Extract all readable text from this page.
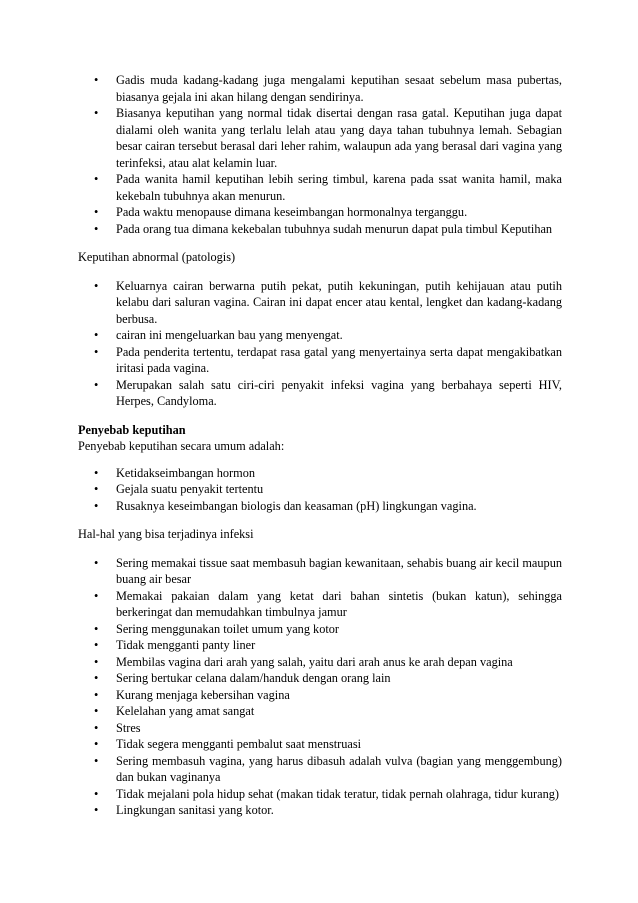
• Gadis muda kadang-kadang juga mengalami keputihan sesaat sebelum masa pubertas, biasanya gejala ini akan hilang dengan sendirinya.
• Biasanya keputihan yang normal tidak disertai dengan rasa gatal. Keputihan juga dapat dialami oleh wanita yang terlalu lelah atau yang daya tahan tubuhnya lemah. Sebagian besar cairan tersebut berasal dari leher rahim, walaupun ada yang berasal dari vagina yang terinfeksi, atau alat kelamin luar.
• Pada wanita hamil keputihan lebih sering timbul, karena pada ssat wanita hamil, maka kekebaln tubuhnya akan menurun.
• Pada waktu menopause dimana keseimbangan hormonalnya terganggu.
• Pada orang tua dimana kekebalan tubuhnya sudah menurun dapat pula timbul Keputihan

Keputihan abnormal (patologis)

• Keluarnya cairan berwarna putih pekat, putih kekuningan, putih kehijauan atau putih kelabu dari saluran vagina. Cairan ini dapat encer atau kental, lengket dan kadang-kadang berbusa.
• cairan ini mengeluarkan bau yang menyengat.
• Pada penderita tertentu, terdapat rasa gatal yang menyertainya serta dapat mengakibatkan iritasi pada vagina.
• Merupakan salah satu ciri-ciri penyakit infeksi vagina yang berbahaya seperti HIV, Herpes, Candyloma.

Penyebab keputihan

Penyebab keputihan secara umum adalah:

• Ketidakseimbangan hormon
• Gejala suatu penyakit tertentu
• Rusaknya keseimbangan biologis dan keasaman (pH) lingkungan vagina.

Hal-hal yang bisa terjadinya infeksi

• Sering memakai tissue saat membasuh bagian kewanitaan, sehabis buang air kecil maupun buang air besar
• Memakai pakaian dalam yang ketat dari bahan sintetis (bukan katun), sehingga berkeringat dan memudahkan timbulnya jamur
• Sering menggunakan toilet umum yang kotor
• Tidak mengganti panty liner
• Membilas vagina dari arah yang salah, yaitu dari arah anus ke arah depan vagina
• Sering bertukar celana dalam/handuk dengan orang lain
• Kurang menjaga kebersihan vagina
• Kelelahan yang amat sangat
• Stres
• Tidak segera mengganti pembalut saat menstruasi
• Sering membasuh vagina, yang harus dibasuh adalah vulva (bagian yang menggembung) dan bukan vaginanya
• Tidak mejalani pola hidup sehat (makan tidak teratur, tidak pernah olahraga, tidur kurang)
• Lingkungan sanitasi yang kotor.
